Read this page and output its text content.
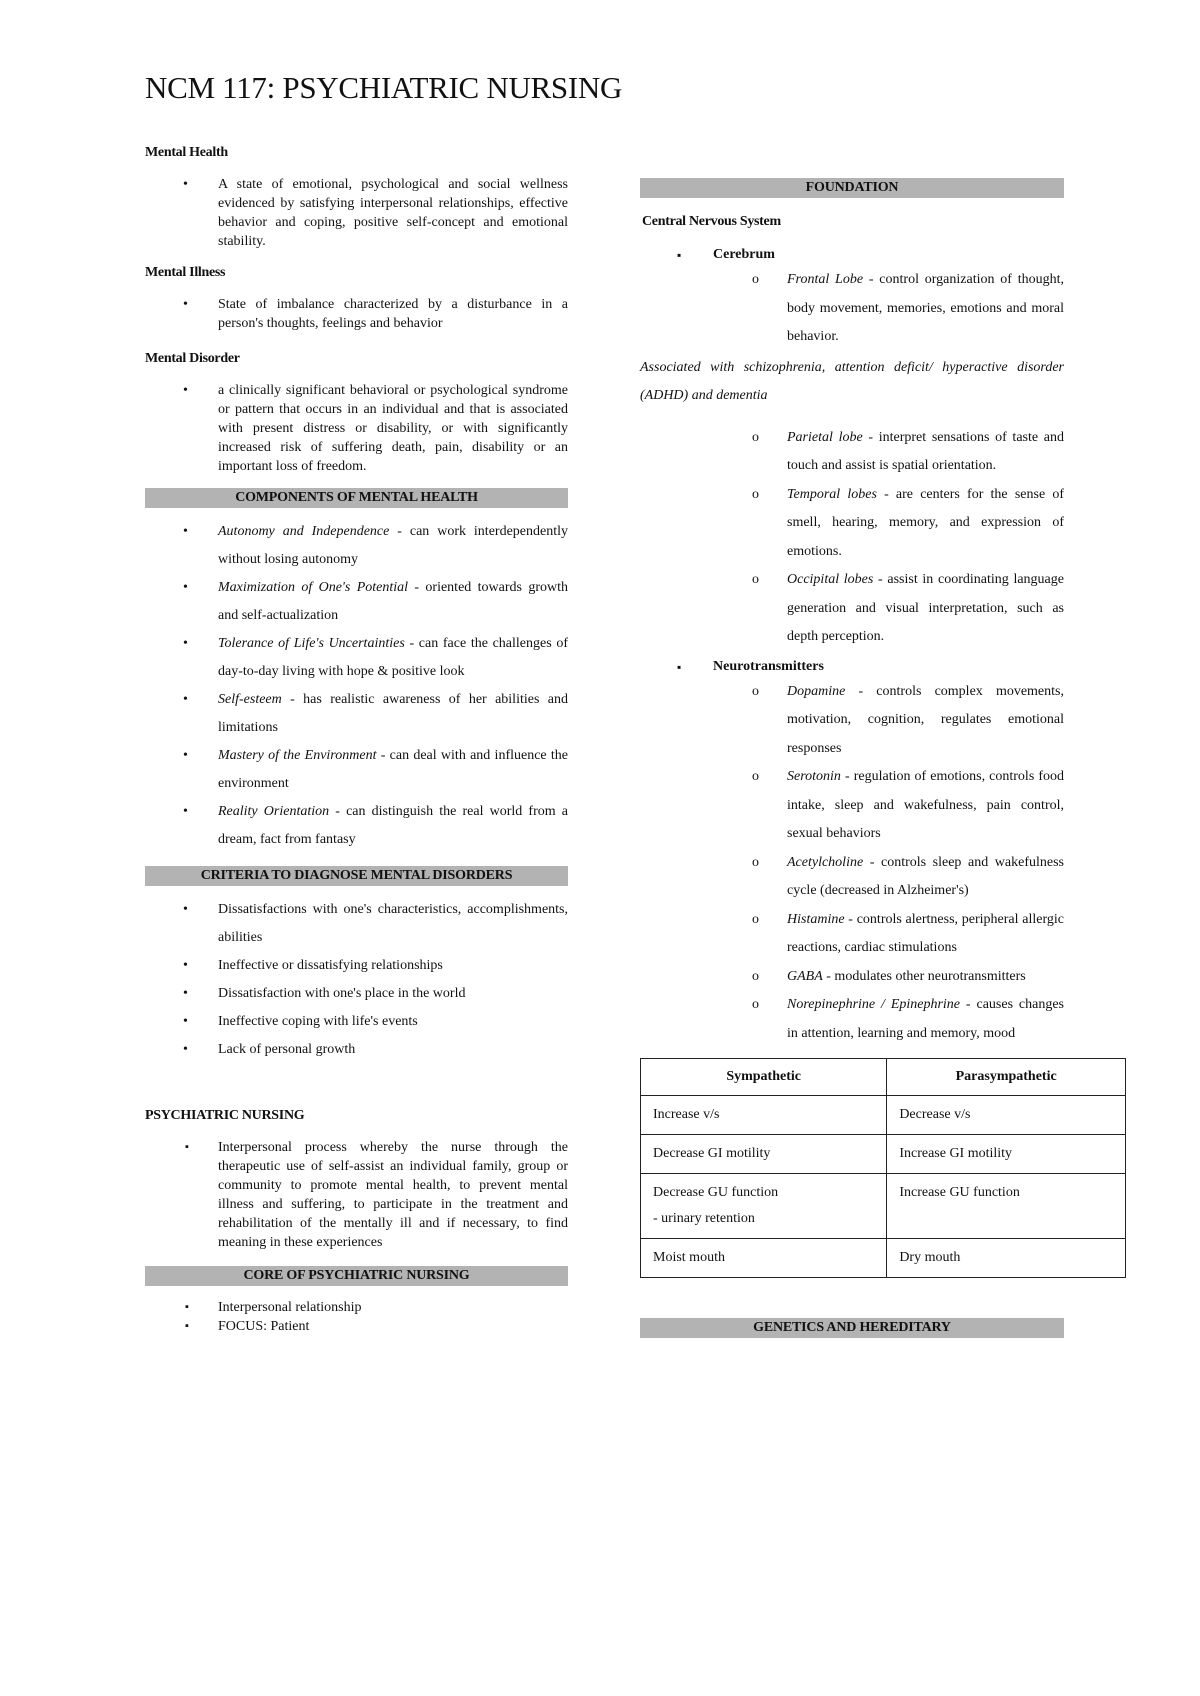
NCM 117: PSYCHIATRIC NURSING

Mental Health

• A state of emotional, psychological and social wellness evidenced by satisfying interpersonal relationships, effective behavior and coping, positive self-concept and emotional stability.

Mental Illness

• State of imbalance characterized by a disturbance in a person's thoughts, feelings and behavior

Mental Disorder

• a clinically significant behavioral or psychological syndrome or pattern that occurs in an individual and that is associated with present distress or disability, or with significantly increased risk of suffering death, pain, disability or an important loss of freedom.

COMPONENTS OF MENTAL HEALTH

• Autonomy and Independence - can work interdependently without losing autonomy
• Maximization of One's Potential - oriented towards growth and self-actualization
• Tolerance of Life's Uncertainties - can face the challenges of day-to-day living with hope & positive look
• Self-esteem - has realistic awareness of her abilities and limitations
• Mastery of the Environment - can deal with and influence the environment
• Reality Orientation - can distinguish the real world from a dream, fact from fantasy

CRITERIA TO DIAGNOSE MENTAL DISORDERS

• Dissatisfactions with one's characteristics, accomplishments, abilities
• Ineffective or dissatisfying relationships
• Dissatisfaction with one's place in the world
• Ineffective coping with life's events
• Lack of personal growth

PSYCHIATRIC NURSING

▪ Interpersonal process whereby the nurse through the therapeutic use of self-assist an individual family, group or community to promote mental health, to prevent mental illness and suffering, to participate in the treatment and rehabilitation of the mentally ill and if necessary, to find meaning in these experiences

CORE OF PSYCHIATRIC NURSING

▪ Interpersonal relationship
▪ FOCUS: Patient

FOUNDATION

Central Nervous System

▪ Cerebrum
o Frontal Lobe - control organization of thought, body movement, memories, emotions and moral behavior.

Associated with schizophrenia, attention deficit/ hyperactive disorder (ADHD) and dementia

o Parietal lobe - interpret sensations of taste and touch and assist is spatial orientation.
o Temporal lobes - are centers for the sense of smell, hearing, memory, and expression of emotions.
o Occipital lobes - assist in coordinating language generation and visual interpretation, such as depth perception.
▪ Neurotransmitters
o Dopamine - controls complex movements, motivation, cognition, regulates emotional responses
o Serotonin - regulation of emotions, controls food intake, sleep and wakefulness, pain control, sexual behaviors
o Acetylcholine - controls sleep and wakefulness cycle (decreased in Alzheimer's)
o Histamine - controls alertness, peripheral allergic reactions, cardiac stimulations
o GABA - modulates other neurotransmitters
o Norepinephrine / Epinephrine - causes changes in attention, learning and memory, mood
Sympathetic	Parasympathetic
Increase v/s	Decrease v/s
Decrease GI motility	Increase GI motility
Decrease GU function
- urinary retention	Increase GU function
Moist mouth	Dry mouth

GENETICS AND HEREDITARY
